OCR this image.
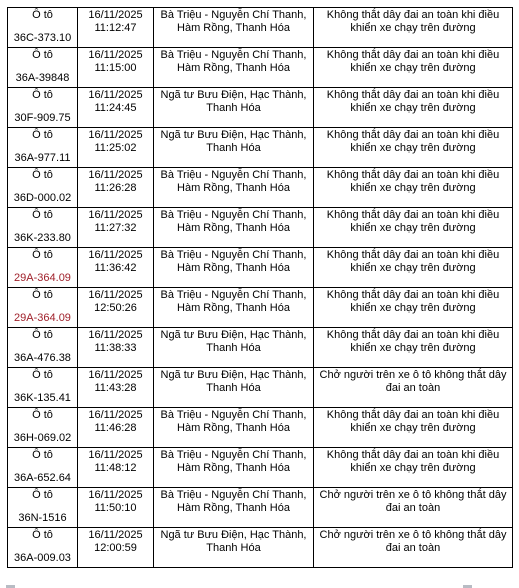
Ô tô
36C-373.10	16/11/2025
11:12:47	Bà Triệu - Nguyễn Chí Thanh,
Hàm Rồng, Thanh Hóa	Không thắt dây đai an toàn khi điều
khiển xe chạy trên đường

Ô tô
36A-39848	16/11/2025
11:15:00	Bà Triệu - Nguyễn Chí Thanh,
Hàm Rồng, Thanh Hóa	Không thắt dây đai an toàn khi điều
khiển xe chạy trên đường

Ô tô
30F-909.75	16/11/2025
11:24:45	Ngã tư Bưu Điện, Hạc Thành,
Thanh Hóa	Không thắt dây đai an toàn khi điều
khiển xe chạy trên đường

Ô tô
36A-977.11	16/11/2025
11:25:02	Ngã tư Bưu Điện, Hạc Thành,
Thanh Hóa	Không thắt dây đai an toàn khi điều
khiển xe chạy trên đường

Ô tô
36D-000.02	16/11/2025
11:26:28	Bà Triệu - Nguyễn Chí Thanh,
Hàm Rồng, Thanh Hóa	Không thắt dây đai an toàn khi điều
khiển xe chạy trên đường

Ô tô
36K-233.80	16/11/2025
11:27:32	Bà Triệu - Nguyễn Chí Thanh,
Hàm Rồng, Thanh Hóa	Không thắt dây đai an toàn khi điều
khiển xe chạy trên đường

Ô tô
29A-364.09	16/11/2025
11:36:42	Bà Triệu - Nguyễn Chí Thanh,
Hàm Rồng, Thanh Hóa	Không thắt dây đai an toàn khi điều
khiển xe chạy trên đường

Ô tô
29A-364.09	16/11/2025
12:50:26	Bà Triệu - Nguyễn Chí Thanh,
Hàm Rồng, Thanh Hóa	Không thắt dây đai an toàn khi điều
khiển xe chạy trên đường

Ô tô
36A-476.38	16/11/2025
11:38:33	Ngã tư Bưu Điện, Hạc Thành,
Thanh Hóa	Không thắt dây đai an toàn khi điều
khiển xe chạy trên đường

Ô tô
36K-135.41	16/11/2025
11:43:28	Ngã tư Bưu Điện, Hạc Thành,
Thanh Hóa	Chở người trên xe ô tô không thắt dây
đai an toàn

Ô tô
36H-069.02	16/11/2025
11:46:28	Bà Triệu - Nguyễn Chí Thanh,
Hàm Rồng, Thanh Hóa	Không thắt dây đai an toàn khi điều
khiển xe chạy trên đường

Ô tô
36A-652.64	16/11/2025
11:48:12	Bà Triệu - Nguyễn Chí Thanh,
Hàm Rồng, Thanh Hóa	Không thắt dây đai an toàn khi điều
khiển xe chạy trên đường

Ô tô
36N-1516	16/11/2025
11:50:10	Bà Triệu - Nguyễn Chí Thanh,
Hàm Rồng, Thanh Hóa	Chở người trên xe ô tô không thắt dây
đai an toàn

Ô tô
36A-009.03	16/11/2025
12:00:59	Ngã tư Bưu Điện, Hạc Thành,
Thanh Hóa	Chở người trên xe ô tô không thắt dây
đai an toàn
